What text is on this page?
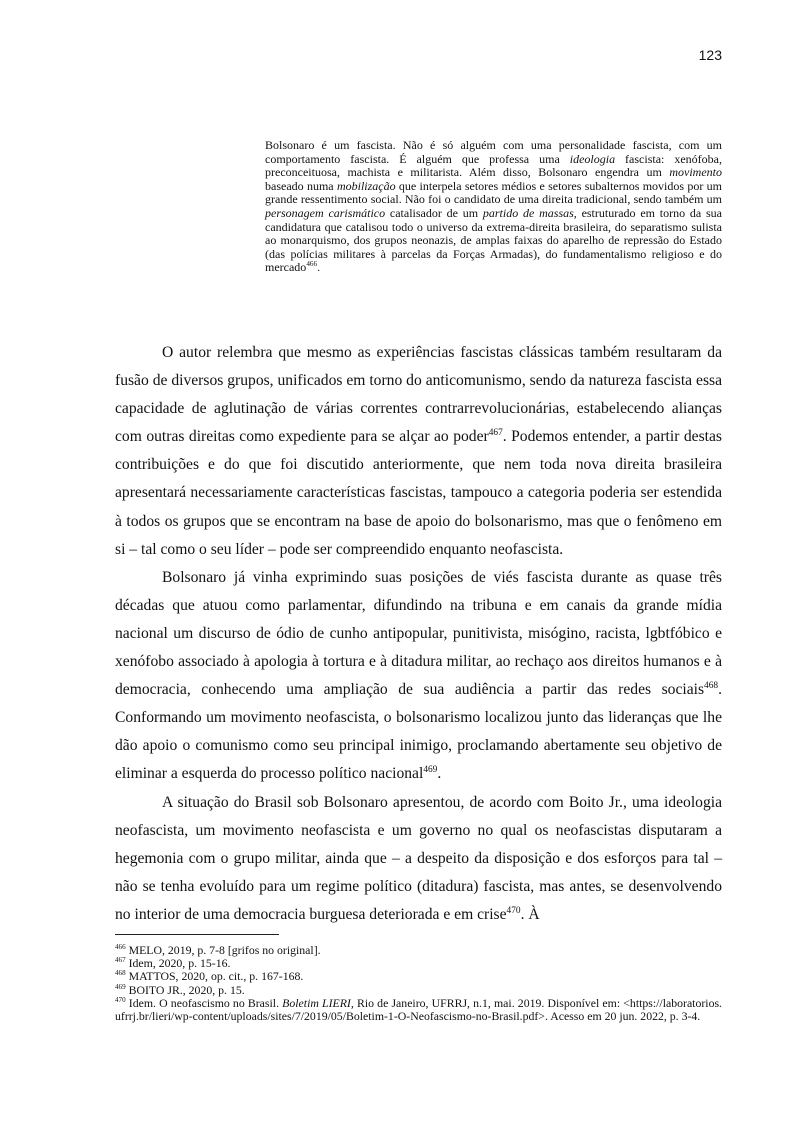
123
Bolsonaro é um fascista. Não é só alguém com uma personalidade fascista, com um comportamento fascista. É alguém que professa uma ideologia fascista: xenófoba, preconceituosa, machista e militarista. Além disso, Bolsonaro engendra um movimento baseado numa mobilização que interpela setores médios e setores subalternos movidos por um grande ressentimento social. Não foi o candidato de uma direita tradicional, sendo também um personagem carismático catalisador de um partido de massas, estruturado em torno da sua candidatura que catalisou todo o universo da extrema-direita brasileira, do separatismo sulista ao monarquismo, dos grupos neonazis, de amplas faixas do aparelho de repressão do Estado (das polícias militares à parcelas da Forças Armadas), do fundamentalismo religioso e do mercado$^{466}$.

O autor relembra que mesmo as experiências fascistas clássicas também resultaram da fusão de diversos grupos, unificados em torno do anticomunismo, sendo da natureza fascista essa capacidade de aglutinação de várias correntes contrarrevolucionárias, estabelecendo alianças com outras direitas como expediente para se alçar ao poder$^{467}$. Podemos entender, a partir destas contribuições e do que foi discutido anteriormente, que nem toda nova direita brasileira apresentará necessariamente características fascistas, tampouco a categoria poderia ser estendida à todos os grupos que se encontram na base de apoio do bolsonarismo, mas que o fenômeno em si – tal como o seu líder – pode ser compreendido enquanto neofascista.

Bolsonaro já vinha exprimindo suas posições de viés fascista durante as quase três décadas que atuou como parlamentar, difundindo na tribuna e em canais da grande mídia nacional um discurso de ódio de cunho antipopular, punitivista, misógino, racista, lgbtfóbico e xenófobo associado à apologia à tortura e à ditadura militar, ao rechaço aos direitos humanos e à democracia, conhecendo uma ampliação de sua audiência a partir das redes sociais$^{468}$. Conformando um movimento neofascista, o bolsonarismo localizou junto das lideranças que lhe dão apoio o comunismo como seu principal inimigo, proclamando abertamente seu objetivo de eliminar a esquerda do processo político nacional$^{469}$.

A situação do Brasil sob Bolsonaro apresentou, de acordo com Boito Jr., uma ideologia neofascista, um movimento neofascista e um governo no qual os neofascistas disputaram a hegemonia com o grupo militar, ainda que – a despeito da disposição e dos esforços para tal – não se tenha evoluído para um regime político (ditadura) fascista, mas antes, se desenvolvendo no interior de uma democracia burguesa deteriorada e em crise$^{470}$. À

$^{466}$ MELO, 2019, p. 7-8 [grifos no original].
$^{467}$ Idem, 2020, p. 15-16.
$^{468}$ MATTOS, 2020, op. cit., p. 167-168.
$^{469}$ BOITO JR., 2020, p. 15.
$^{470}$ Idem. O neofascismo no Brasil. Boletim LIERI, Rio de Janeiro, UFRRJ, n.1, mai. 2019. Disponível em: <https://laboratorios.ufrrj.br/lieri/wp-content/uploads/sites/7/2019/05/Boletim-1-O-Neofascismo-no-Brasil.pdf>. Acesso em 20 jun. 2022, p. 3-4.
